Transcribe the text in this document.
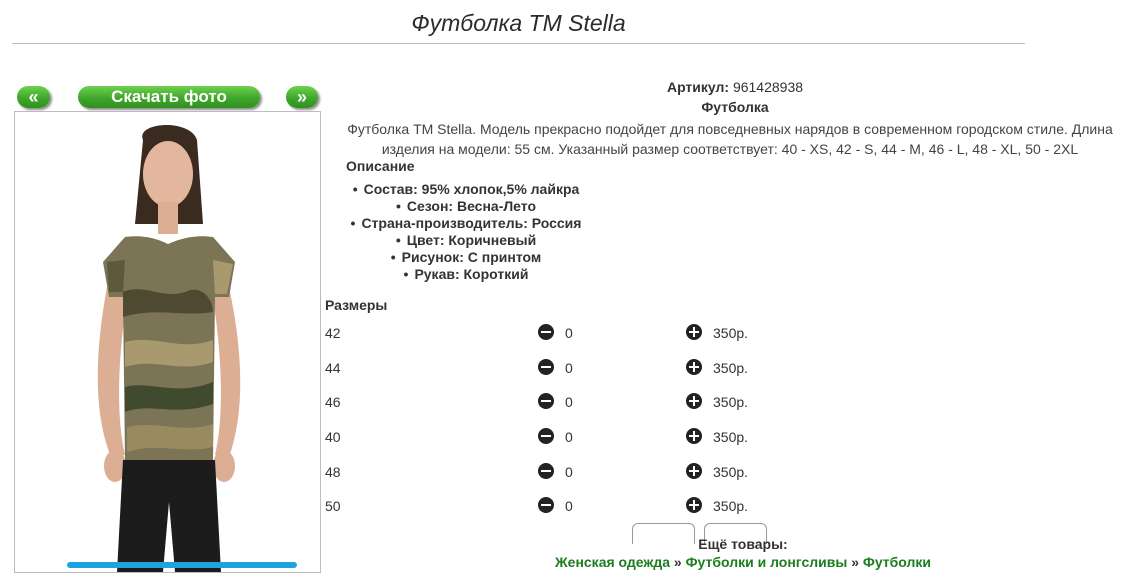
Футболка TM Stella
«	Скачать фото	»	Артикул: 961428938
Футболка
Футболка TM Stella. Модель прекрасно подойдет для повседневных нарядов в современном городском стиле. Длина изделия на модели: 55 см. Указанный размер соответствует: 40 - XS, 42 - S, 44 - M, 46 - L, 48 - XL, 50 - 2XL
Описание
• Состав: 95% хлопок,5% лайкра
• Сезон: Весна-Лето
• Страна-производитель: Россия
• Цвет: Коричневый
• Рисунок: С принтом
• Рукав: Короткий
Размеры
42	0	350р.
44	0	350р.
46	0	350р.
40	0	350р.
48	0	350р.
50	0	350р.
Ещё товары:
Женская одежда » Футболки и лонгсливы » Футболки
